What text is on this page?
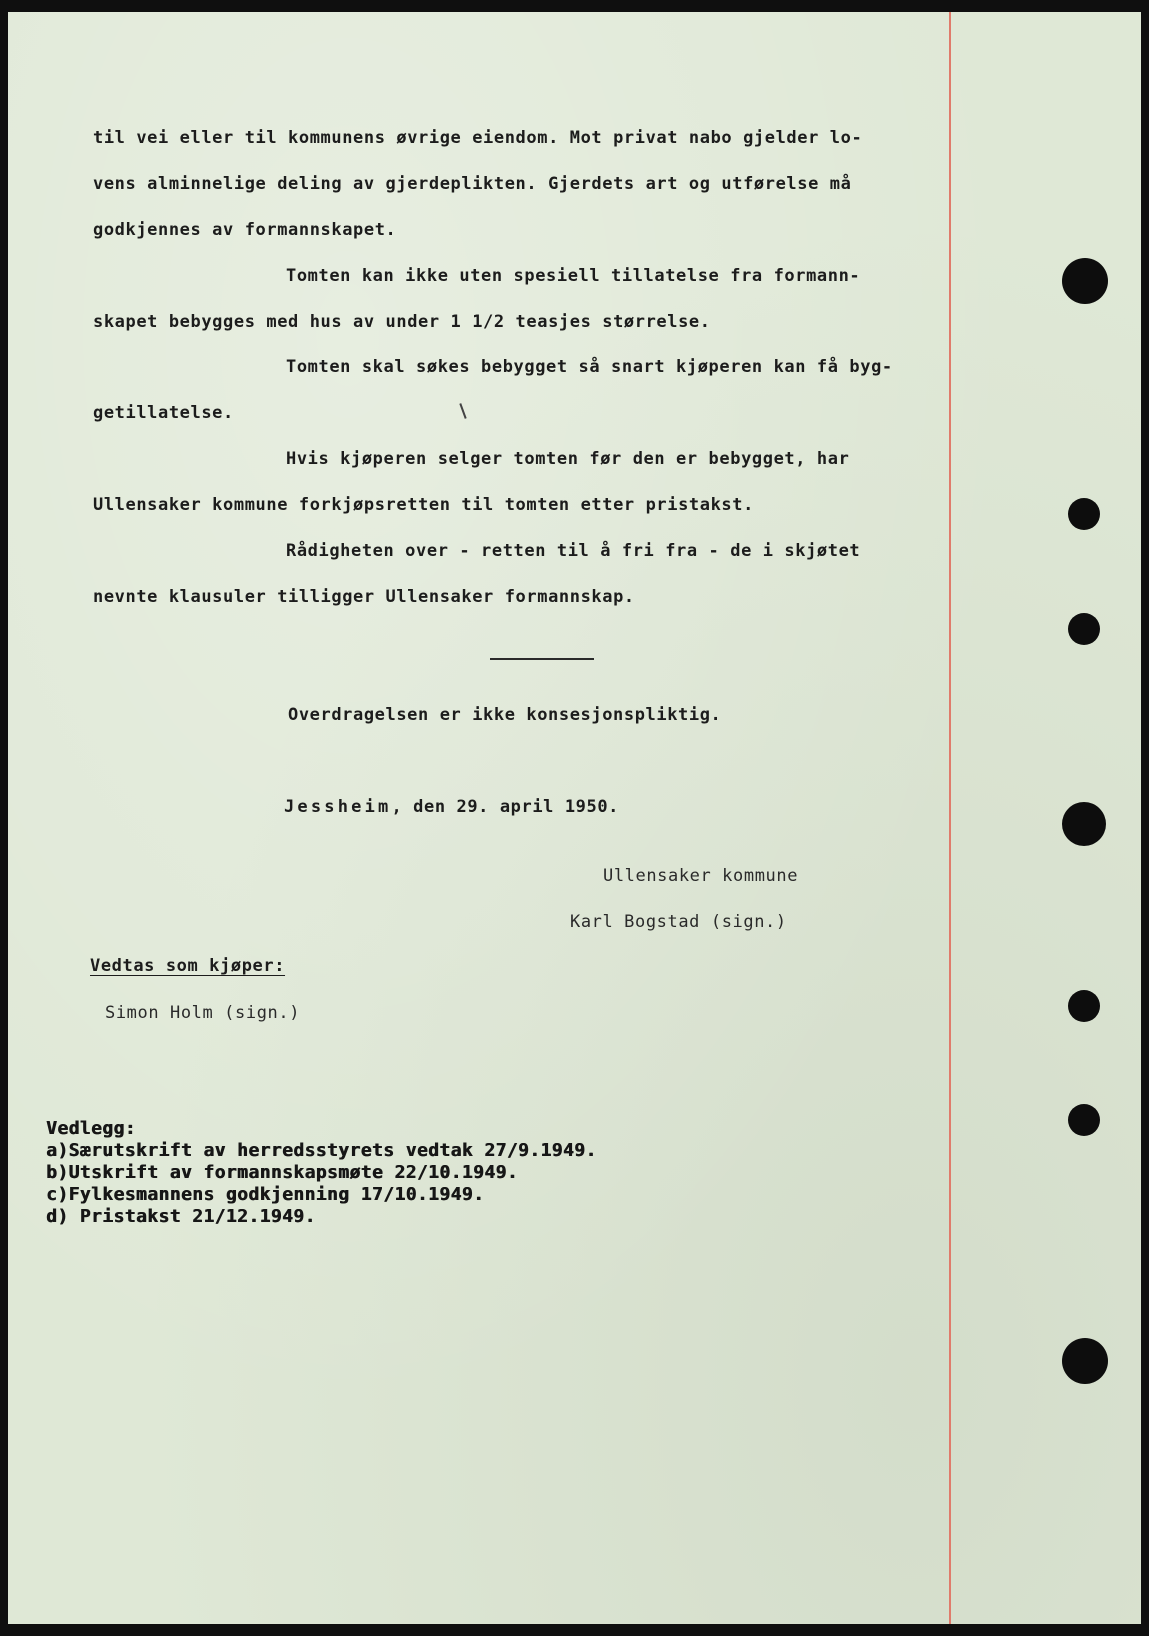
til vei eller til kommunens øvrige eiendom. Mot privat nabo gjelder lo-
vens alminnelige deling av gjerdeplikten. Gjerdets art og utførelse må
godkjennes av formannskapet.
Tomten kan ikke uten spesiell tillatelse fra formann-
skapet bebygges med hus av under 1 1/2 teasjes størrelse.
Tomten skal søkes bebygget så snart kjøperen kan få byg-
getillatelse.
Hvis kjøperen selger tomten før den er bebygget, har
Ullensaker kommune forkjøpsretten til tomten etter pristakst.
Rådigheten over - retten til å fri fra - de i skjøtet
nevnte klausuler tilligger Ullensaker formannskap.
Overdragelsen er ikke konsesjonspliktig.
Jessheim, den 29. april 1950.
Ullensaker kommune
Karl Bogstad (sign.)
Vedtas som kjøper:
Simon Holm (sign.)
Vedlegg:
a)Særutskrift av herredsstyrets vedtak 27/9.1949.
b)Utskrift av formannskapsmøte 22/10.1949.
c)Fylkesmannens godkjenning 17/10.1949.
d) Pristakst 21/12.1949.
